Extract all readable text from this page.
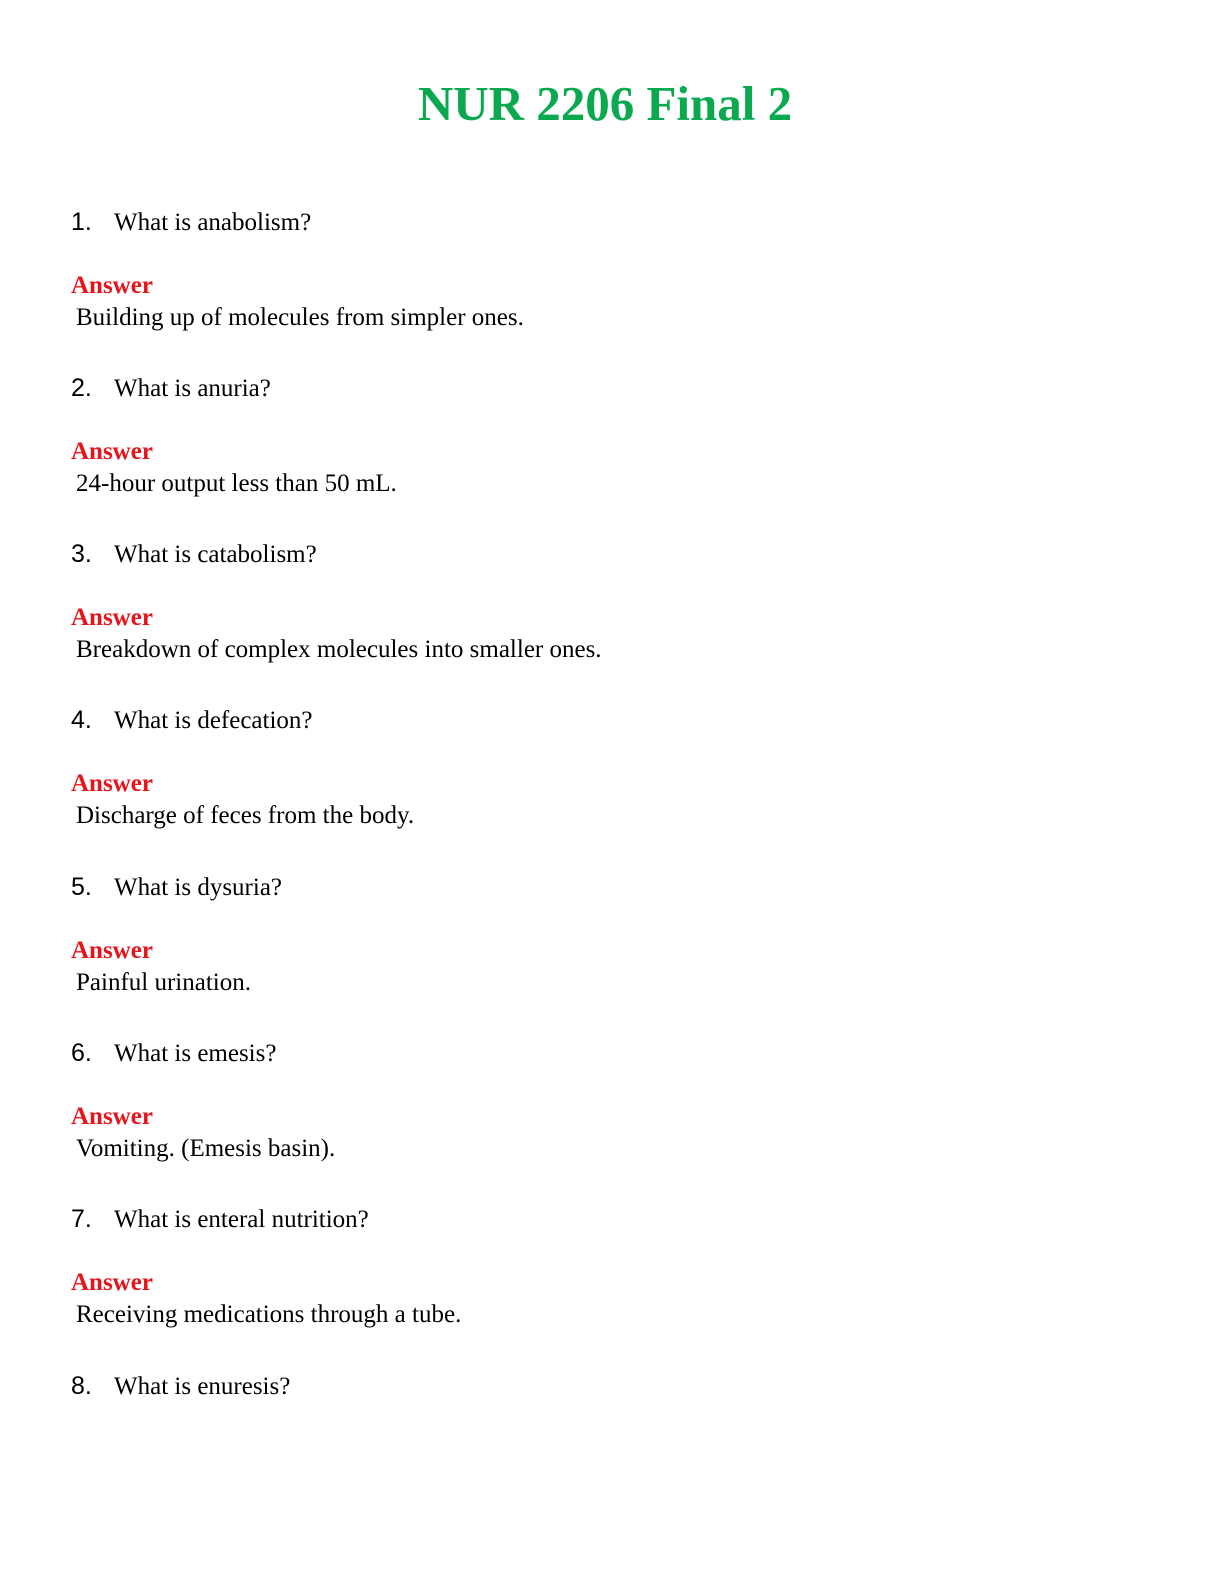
NUR 2206 Final 2
1. What is anabolism?
Answer
Building up of molecules from simpler ones.
2. What is anuria?
Answer
24-hour output less than 50 mL.
3. What is catabolism?
Answer
Breakdown of complex molecules into smaller ones.
4. What is defecation?
Answer
Discharge of feces from the body.
5. What is dysuria?
Answer
Painful urination.
6. What is emesis?
Answer
Vomiting. (Emesis basin).
7. What is enteral nutrition?
Answer
Receiving medications through a tube.
8. What is enuresis?
